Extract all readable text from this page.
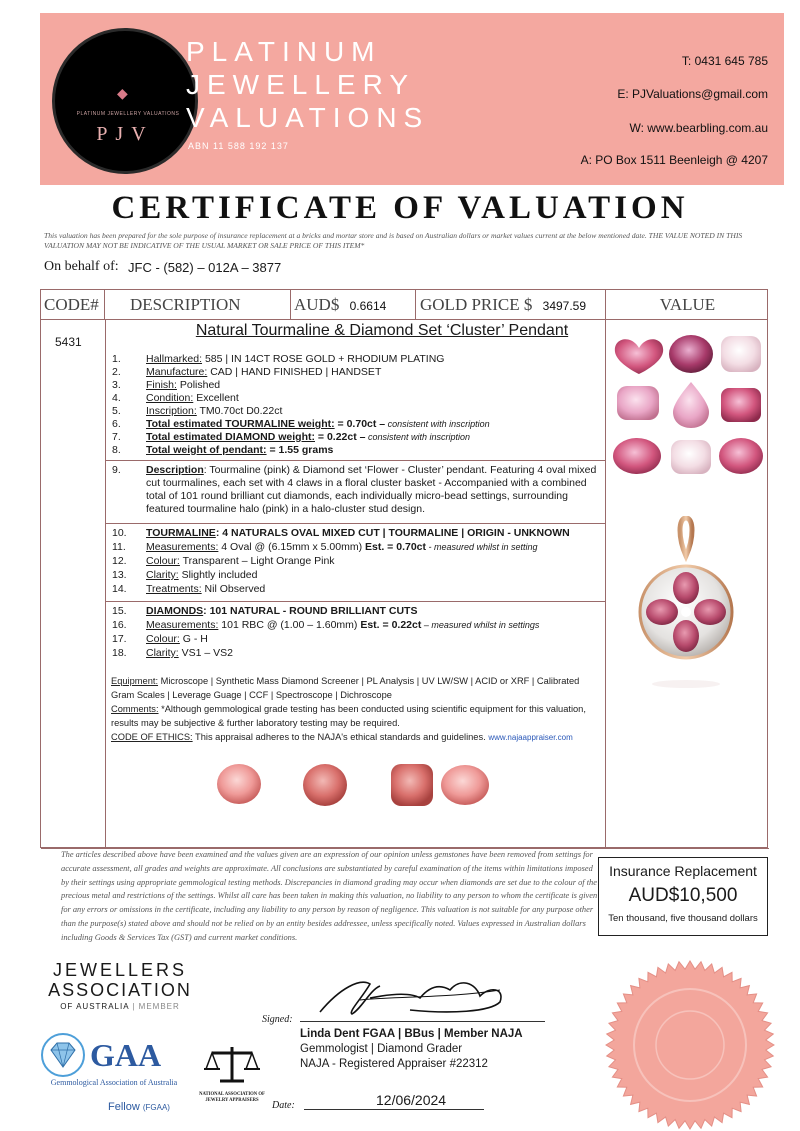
◆
PLATINUM JEWELLERY VALUATIONS
PJV
PLATINUM
JEWELLERY
VALUATIONS
ABN 11 588 192 137
T: 0431 645 785
E: PJValuations@gmail.com
W: www.bearbling.com.au
A: PO Box 1511 Beenleigh @ 4207
CERTIFICATE OF VALUATION
This valuation has been prepared for the sole purpose of insurance replacement at a bricks and mortar store and is based on Australian dollars or market values current at the below mentioned date. THE VALUE NOTED IN THIS VALUATION MAY NOT BE INDICATIVE OF THE USUAL MARKET OR SALE PRICE OF THIS ITEM*
On behalf of: JFC - (582) – 012A – 3877
CODE#	DESCRIPTION	AUD$ 0.6614	GOLD PRICE $ 3497.59	VALUE
5431
Natural Tourmaline & Diamond Set ‘Cluster’ Pendant
1. Hallmarked: 585 | IN 14CT ROSE GOLD + RHODIUM PLATING
2. Manufacture: CAD | HAND FINISHED | HANDSET
3. Finish: Polished
4. Condition: Excellent
5. Inscription: TM0.70ct D0.22ct
6. Total estimated TOURMALINE weight: = 0.70ct – consistent with inscription
7. Total estimated DIAMOND weight: = 0.22ct – consistent with inscription
8. Total weight of pendant: = 1.55 grams
9. Description: Tourmaline (pink) & Diamond set ‘Flower - Cluster’ pendant. Featuring 4 oval mixed cut tourmalines, each set with 4 claws in a floral cluster basket - Accompanied with a combined total of 101 round brilliant cut diamonds, each individually micro-bead settings, surrounding featured tourmaline halo (pink) in a halo-cluster stud design.
10. TOURMALINE: 4 NATURALS OVAL MIXED CUT | TOURMALINE | ORIGIN - UNKNOWN
11. Measurements: 4 Oval @ (6.15mm x 5.00mm) Est. = 0.70ct - measured whilst in setting
12. Colour: Transparent – Light Orange Pink
13. Clarity: Slightly included
14. Treatments: Nil Observed
15. DIAMONDS: 101 NATURAL - ROUND BRILLIANT CUTS
16. Measurements: 101 RBC @ (1.00 – 1.60mm) Est. = 0.22ct – measured whilst in settings
17. Colour: G - H
18. Clarity: VS1 – VS2
Equipment: Microscope | Synthetic Mass Diamond Screener | PL Analysis | UV LW/SW | ACID or XRF | Calibrated Gram Scales | Leverage Guage | CCF | Spectroscope | Dichroscope
Comments: *Although gemmological grade testing has been conducted using scientific equipment for this valuation, results may be subjective & further laboratory testing may be required.
CODE OF ETHICS: This appraisal adheres to the NAJA's ethical standards and guidelines. www.najaappraiser.com
The articles described above have been examined and the values given are an expression of our opinion unless gemstones have been removed from settings for accurate assessment, all grades and weights are approximate. All conclusions are substantiated by careful examination of the items within limitations imposed by their settings using appropriate gemmological testing methods. Discrepancies in diamond grading may occur when diamonds are set due to the colour of the precious metal and restrictions of the settings. Whilst all care has been taken in making this valuation, no liability to any person to whom the certificate is given for any errors or omissions in the certificate, including any liability to any person by reason of negligence. This valuation is not suitable for any purpose other than the purpose(s) stated above and should not be relied on by an entity besides addressee, unless specifically noted. Values expressed in Australian dollars including Goods & Services Tax (GST) and current market conditions.
Insurance Replacement
AUD$10,500
Ten thousand, five thousand dollars
JEWELLERS
ASSOCIATION
OF AUSTRALIA | MEMBER
GAA
Gemmological Association of Australia
Fellow (FGAA)
NATIONAL ASSOCIATION OF
JEWELRY APPRAISERS
Signed:
Linda Dent FGAA | BBus | Member NAJA
Gemmologist | Diamond Grader
NAJA - Registered Appraiser #22312
Date:	12/06/2024
